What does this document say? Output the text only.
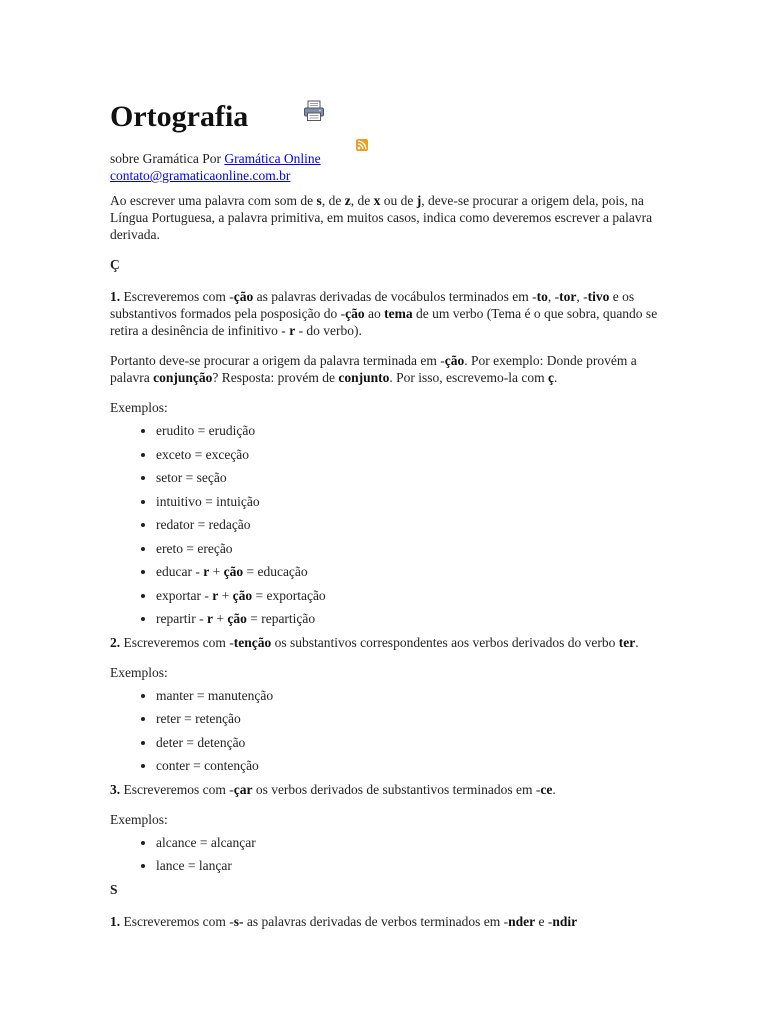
Ortografia
sobre Gramática Por Gramática Online
contato@gramaticaonline.com.br

Ao escrever uma palavra com som de s, de z, de x ou de j, deve-se procurar a origem dela, pois, na Língua Portuguesa, a palavra primitiva, em muitos casos, indica como deveremos escrever a palavra derivada.

Ç

1. Escreveremos com -ção as palavras derivadas de vocábulos terminados em -to, -tor, -tivo e os substantivos formados pela posposição do -ção ao tema de um verbo (Tema é o que sobra, quando se retira a desinência de infinitivo - r - do verbo).

Portanto deve-se procurar a origem da palavra terminada em -ção. Por exemplo: Donde provém a palavra conjunção? Resposta: provém de conjunto. Por isso, escrevemo-la com ç.

Exemplos:

• erudito = erudição
• exceto = exceção
• setor = seção
• intuitivo = intuição
• redator = redação
• ereto = ereção
• educar - r + ção = educação
• exportar - r + ção = exportação
• repartir - r + ção = repartição

2. Escreveremos com -tenção os substantivos correspondentes aos verbos derivados do verbo ter.

Exemplos:

• manter = manutenção
• reter = retenção
• deter = detenção
• conter = contenção

3. Escreveremos com -çar os verbos derivados de substantivos terminados em -ce.

Exemplos:

• alcance = alcançar
• lance = lançar
S

1. Escreveremos com -s- as palavras derivadas de verbos terminados em -nder e -ndir
